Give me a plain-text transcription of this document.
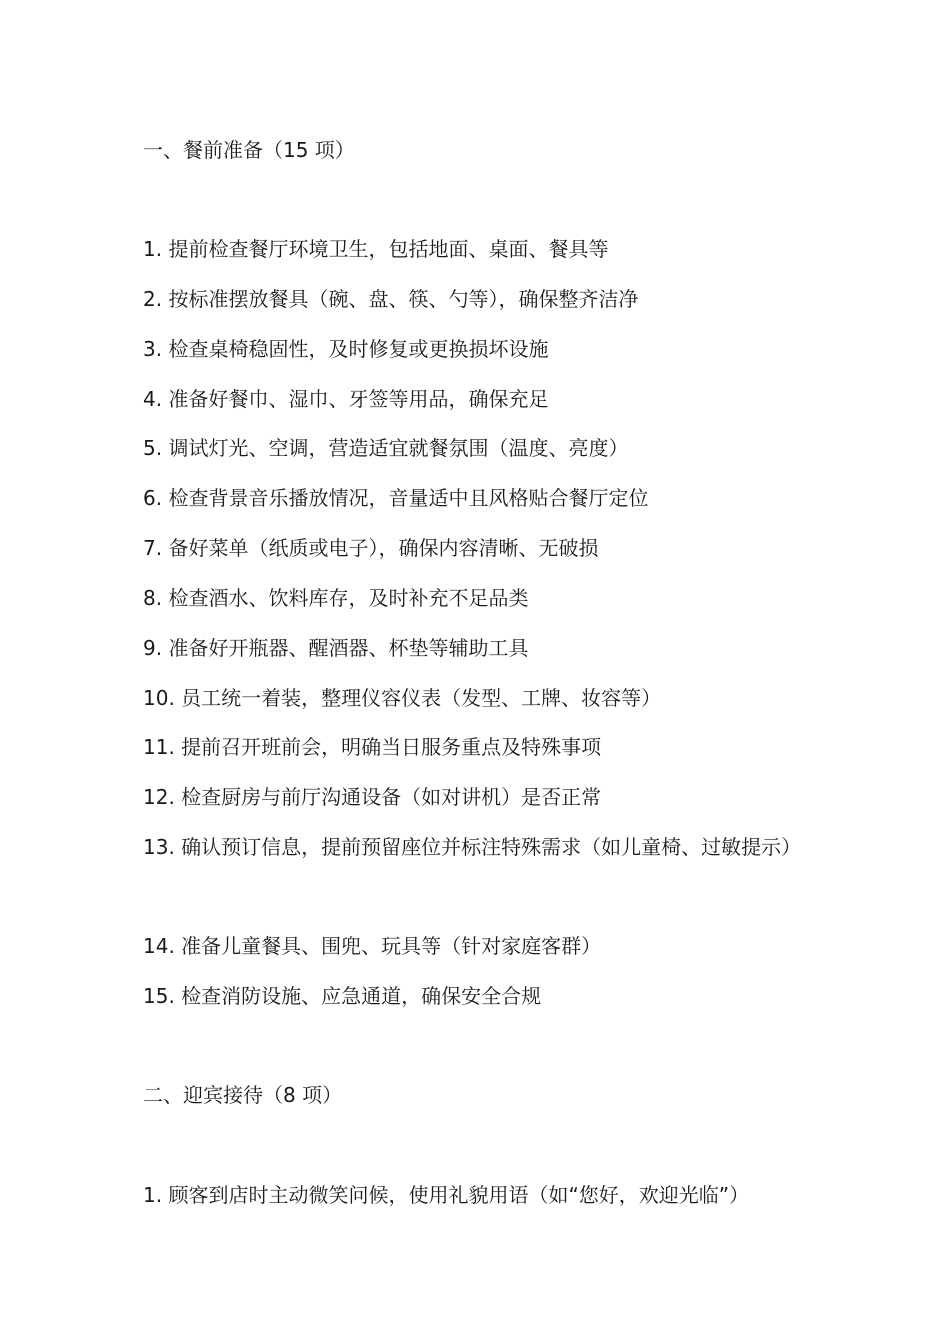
一、餐前准备（15 项）

1. 提前检查餐厅环境卫生，包括地面、桌面、餐具等

2. 按标准摆放餐具（碗、盘、筷、勺等），确保整齐洁净

3. 检查桌椅稳固性，及时修复或更换损坏设施

4. 准备好餐巾、湿巾、牙签等用品，确保充足

5. 调试灯光、空调，营造适宜就餐氛围（温度、亮度）

6. 检查背景音乐播放情况，音量适中且风格贴合餐厅定位

7. 备好菜单（纸质或电子），确保内容清晰、无破损

8. 检查酒水、饮料库存，及时补充不足品类

9. 准备好开瓶器、醒酒器、杯垫等辅助工具

10. 员工统一着装，整理仪容仪表（发型、工牌、妆容等）

11. 提前召开班前会，明确当日服务重点及特殊事项

12. 检查厨房与前厅沟通设备（如对讲机）是否正常

13. 确认预订信息，提前预留座位并标注特殊需求（如儿童椅、过敏提示）

14. 准备儿童餐具、围兜、玩具等（针对家庭客群）

15. 检查消防设施、应急通道，确保安全合规

二、迎宾接待（8 项）

1. 顾客到店时主动微笑问候，使用礼貌用语（如“您好，欢迎光临”）
